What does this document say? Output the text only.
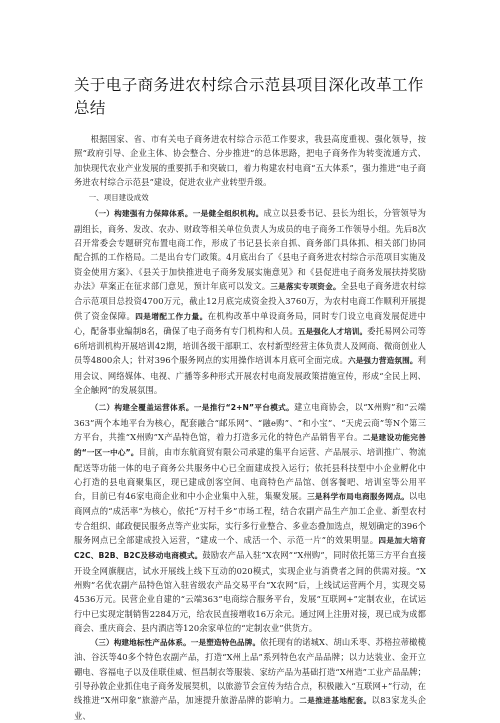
关于电子商务进农村综合示范县项目深化改革工作总结

根据国家、省、市有关电子商务进农村综合示范工作要求，我县高度重视、强化领导，按照“政府引导、企业主体、协会整合、分步推进”的总体思路，把电子商务作为转变流通方式、加快现代农业产业发展的重要抓手和突破口，着力构建农村电商“五大体系”，强力推进“电子商务进农村综合示范县”建设，促进农业产业转型升级。

一、项目建设成效

（一）构建强有力保障体系。一是健全组织机构。成立以县委书记、县长为组长，分管领导为副组长，商务、发改、农办、财政等相关单位负责人为成员的电子商务工作领导小组。先后8次召开常委会专题研究布置电商工作，形成了书记县长亲自抓、商务部门具体抓、相关部门协同配合抓的工作格局。二是出台专门政策。4月底出台了《县电子商务进农村综合示范项目实施及资金使用方案》、《县关于加快推进电子商务发展实施意见》和《县促进电子商务发展扶持奖励办法》草案正在征求部门意见，预计年底可以发文。三是落实专项资金。全县电子商务进农村综合示范项目总投资4700万元，截止12月底完成资金投入3760万，为农村电商工作顺利开展提供了资金保障。四是增配工作力量。在机构改革中单设商务局，同时专门设立电商发展促进中心，配备事业编制8名，确保了电子商务有专门机构和人员。五是强化人才培训。委托易网公司等6所培训机构开展培训42期，培训各级干部职工、农村新型经营主体负责人及网商、微商创业人员等4800余人；针对396个服务网点的实用操作培训本月底可全面完成。六是强力营造氛围。利用会议、网络媒体、电视、广播等多种形式开展农村电商发展政策措施宣传，形成“全民上网、全企触网”的发展氛围。

（二）构建全覆盖运营体系。一是推行“2+N”平台模式。建立电商协会，以“X州购”和“云端363”两个本地平台为核心，配套融合“邮乐网”、“融e购”、“和小宝”、“天虎云商”等N个第三方平台，共推“X州购”X产品特色馆，着力打造多元化的特色产品销售平台。二是建设功能完善的“一区一中心”。目前，由市东航商贸有限公司承建的集平台运营、产品展示、培训推广、物流配送等功能一体的电子商务公共服务中心已全面建成投入运行；依托县科技型中小企业孵化中心打造的县电商聚集区，现已建成创客空间、电商特色产品馆、创客餐吧、培训室等公用平台，目前已有46家电商企业和中小企业集中入驻，集聚发展。三是科学布局电商服务网点。以电商网点的“成活率”为核心，依托“万村千乡”市场工程，结合农副产品生产加工企业、新型农村专合组织、邮政便民服务点等产业实际，实行多行业整合、多业态叠加选点，规划确定的396个服务网点已全部建成投入运营，“建成一个、成活一个、示范一片”的效果明显。四是加大培育C2C、B2B、B2C及移动电商模式。鼓励农产品入驻“X农网”“X州购”，同时依托第三方平台直接开设全网旗舰店，试水开展线上线下互动的020模式，实现企业与消费者之间的供需对接。“X州购”名优农副产品特色馆入驻省级农产品交易平台“X农网”后，上线试运营两个月，实现交易4536万元。民营企业自建的“云端363”电商综合服务平台，发展“互联网+”定制农业，在试运行中已实现定制销售2284万元，给农民直接增收16万余元。通过网上注册对接，现已成为成都商会、重庆商会、县内酒店等120余家单位的“定制农业”供货方。

（三）构建地标性产品体系。一是塑造特色品牌。依托现有的诺城X、胡山禾枣、苏格拉蒂橄榄油、谷沃等40多个特色农副产品，打造“X州上品”系列特色农产品品牌；以力达装业、金开立硼电、容福电子以及佳联佳威、恒昌制衣等服装、家纺产品为基础打造“X州造”工业产品品牌；引导孙敦企业抓住电子商务发展契机，以旅游节会宣传为结合点，积极融入“互联网+”行动，在线推进“X州印象”旅游产品，加速提升旅游品牌的影响力。二是推进基地配套。以83家龙头企业、
